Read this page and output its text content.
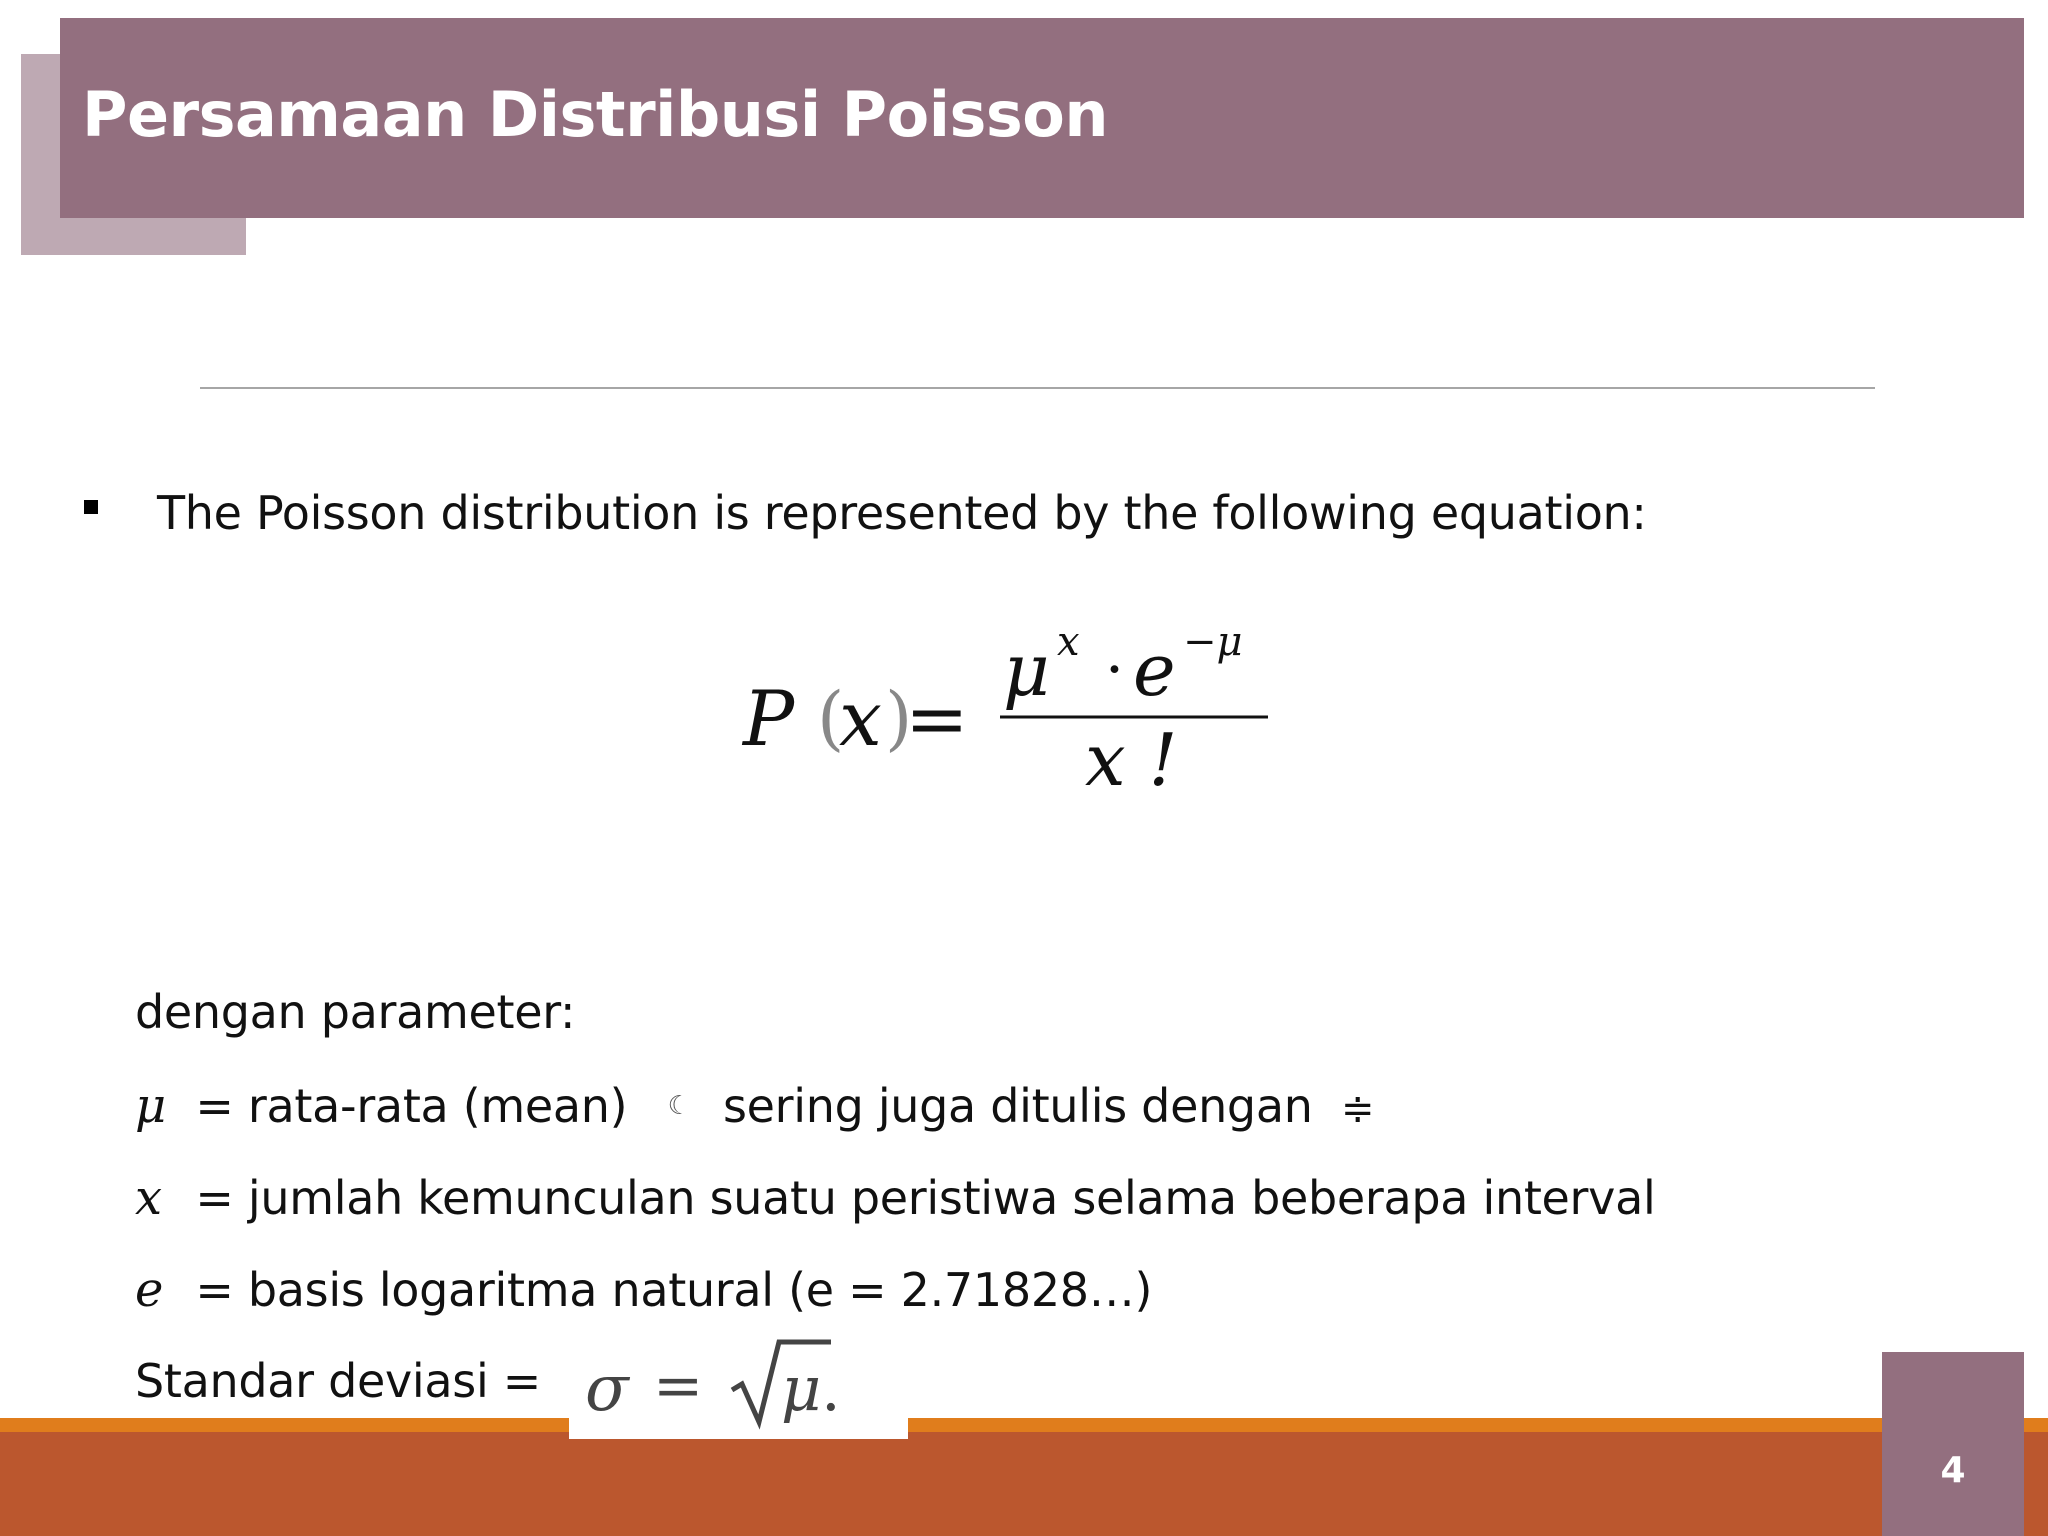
Persamaan Distribusi Poisson
The Poisson distribution is represented by the following equation:
P (
x )
=
μ x · e −μ
x !
dengan parameter:
μ = rata-rata (mean) ☾ sering juga ditulis dengan ≑
x = jumlah kemunculan suatu peristiwa selama beberapa interval
e = basis logaritma natural (e = 2.71828…)
Standar deviasi = σ = μ .
4
